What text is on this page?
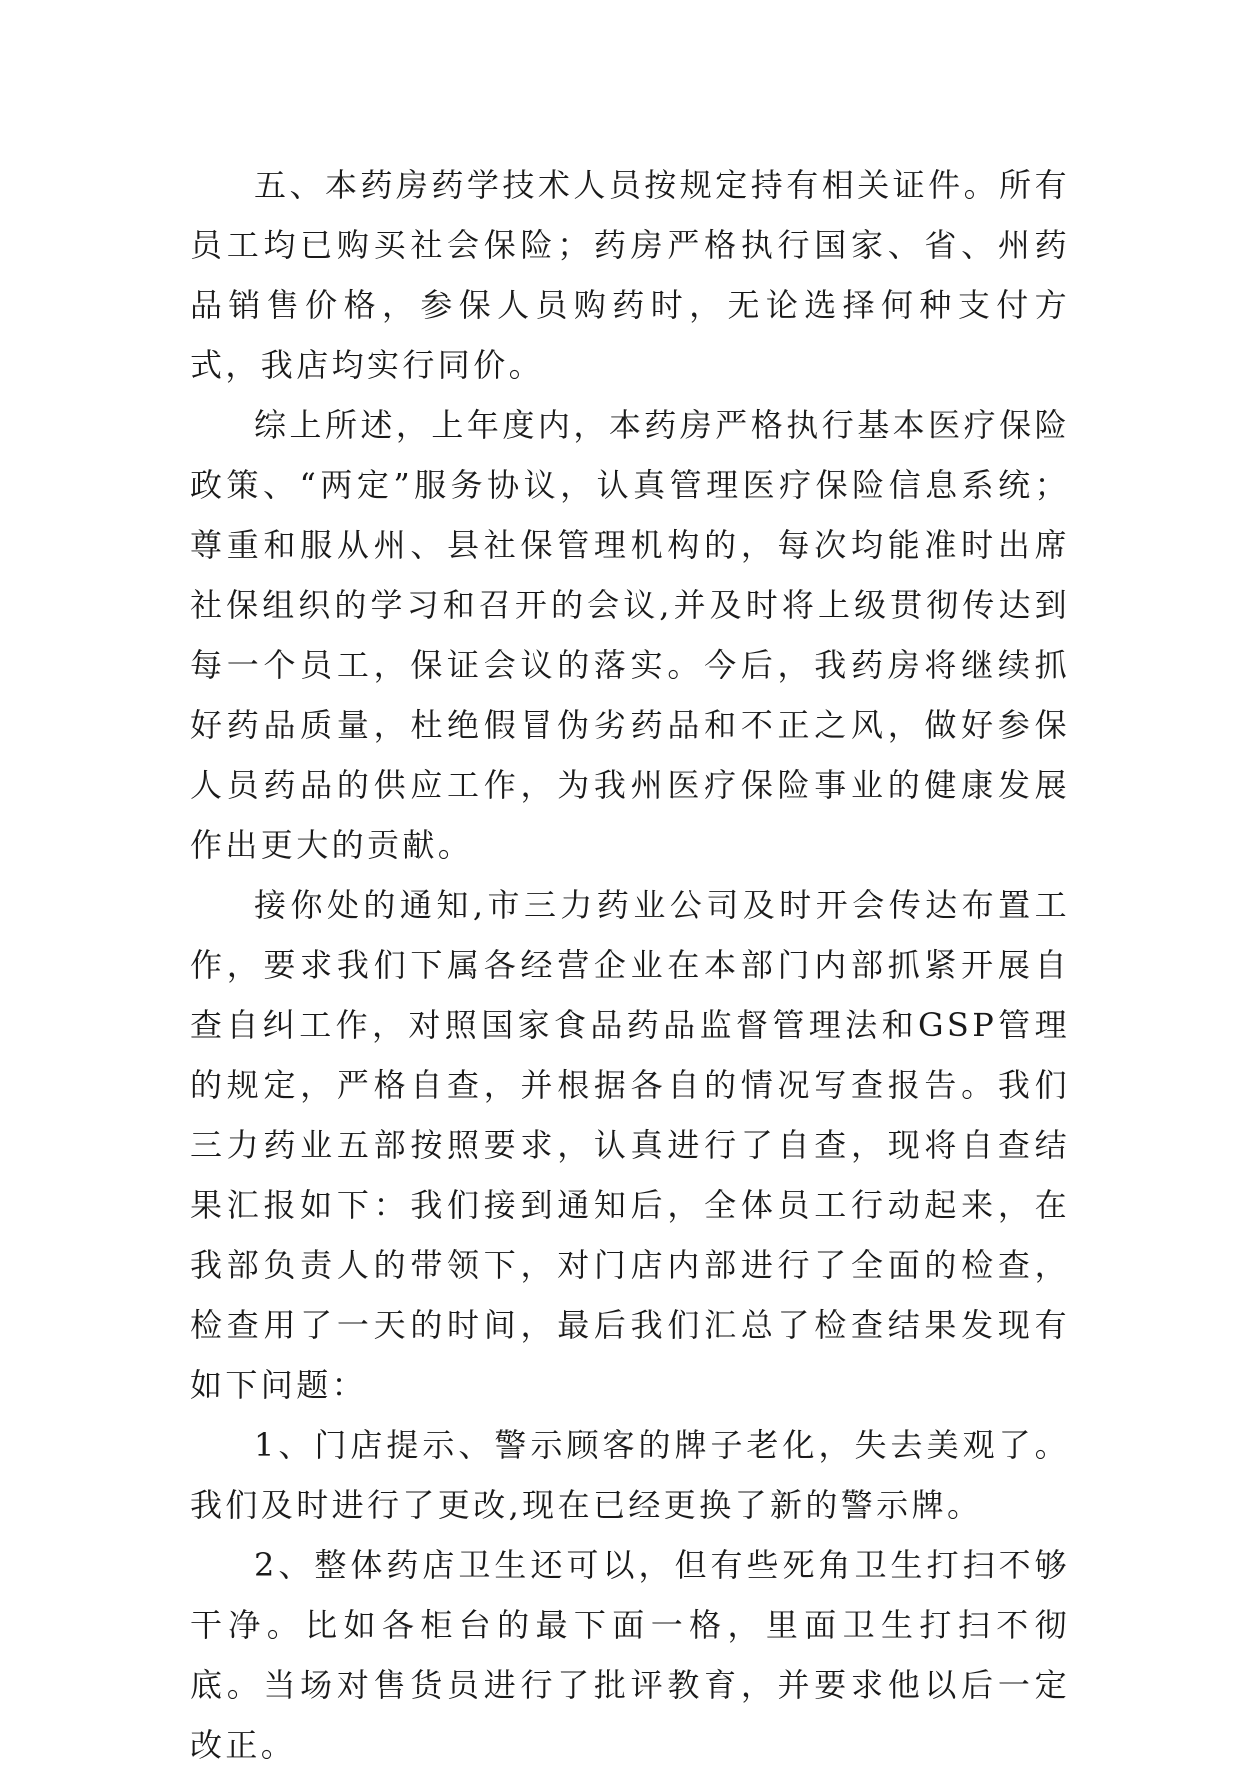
五、本药房药学技术人员按规定持有相关证件。所有员工均已购买社会保险；药房严格执行国家、省、州药品销售价格，参保人员购药时，无论选择何种支付方式，我店均实行同价。

综上所述，上年度内，本药房严格执行基本医疗保险政策、“两定”服务协议，认真管理医疗保险信息系统；尊重和服从州、县社保管理机构的，每次均能准时出席社保组织的学习和召开的会议,并及时将上级贯彻传达到每一个员工，保证会议的落实。今后，我药房将继续抓好药品质量，杜绝假冒伪劣药品和不正之风，做好参保人员药品的供应工作，为我州医疗保险事业的健康发展作出更大的贡献。

接你处的通知,市三力药业公司及时开会传达布置工作，要求我们下属各经营企业在本部门内部抓紧开展自查自纠工作，对照国家食品药品监督管理法和GSP管理的规定，严格自查，并根据各自的情况写查报告。我们三力药业五部按照要求，认真进行了自查，现将自查结果汇报如下：我们接到通知后，全体员工行动起来，在我部负责人的带领下，对门店内部进行了全面的检查，检查用了一天的时间，最后我们汇总了检查结果发现有如下问题：

1、门店提示、警示顾客的牌子老化，失去美观了。我们及时进行了更改,现在已经更换了新的警示牌。

2、整体药店卫生还可以，但有些死角卫生打扫不够干净。比如各柜台的最下面一格，里面卫生打扫不彻底。当场对售货员进行了批评教育，并要求他以后一定改正。
